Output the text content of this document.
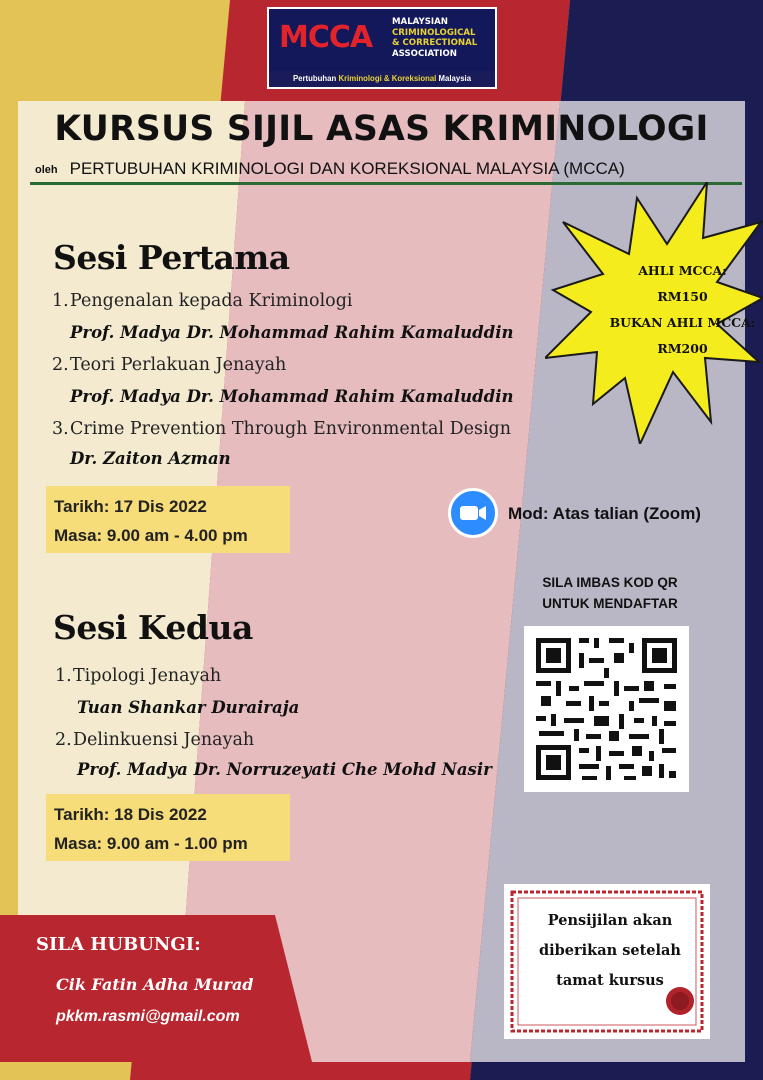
MCCA MALAYSIAN
CRIMINOLOGICAL
& CORRECTIONAL
ASSOCIATION
Pertubuhan Kriminologi & Koreksional Malaysia
KURSUS SIJIL ASAS KRIMINOLOGI
oleh PERTUBUHAN KRIMINOLOGI DAN KOREKSIONAL MALAYSIA (MCCA)
Sesi Pertama
1.Pengenalan kepada Kriminologi
Prof. Madya Dr. Mohammad Rahim Kamaluddin
2.Teori Perlakuan Jenayah
Prof. Madya Dr. Mohammad Rahim Kamaluddin
3.Crime Prevention Through Environmental Design
Dr. Zaiton Azman
Tarikh: 17 Dis 2022
Masa: 9.00 am - 4.00 pm
AHLI MCCA:
RM150
BUKAN AHLI MCCA:
RM200
Mod: Atas talian (Zoom)
SILA IMBAS KOD QR
UNTUK MENDAFTAR
Sesi Kedua
1.Tipologi Jenayah
Tuan Shankar Durairaja
2.Delinkuensi Jenayah
Prof. Madya Dr. Norruzeyati Che Mohd Nasir
Tarikh: 18 Dis 2022
Masa: 9.00 am - 1.00 pm
SILA HUBUNGI:
Cik Fatin Adha Murad
pkkm.rasmi@gmail.com
Pensijilan akan
diberikan setelah
tamat kursus
